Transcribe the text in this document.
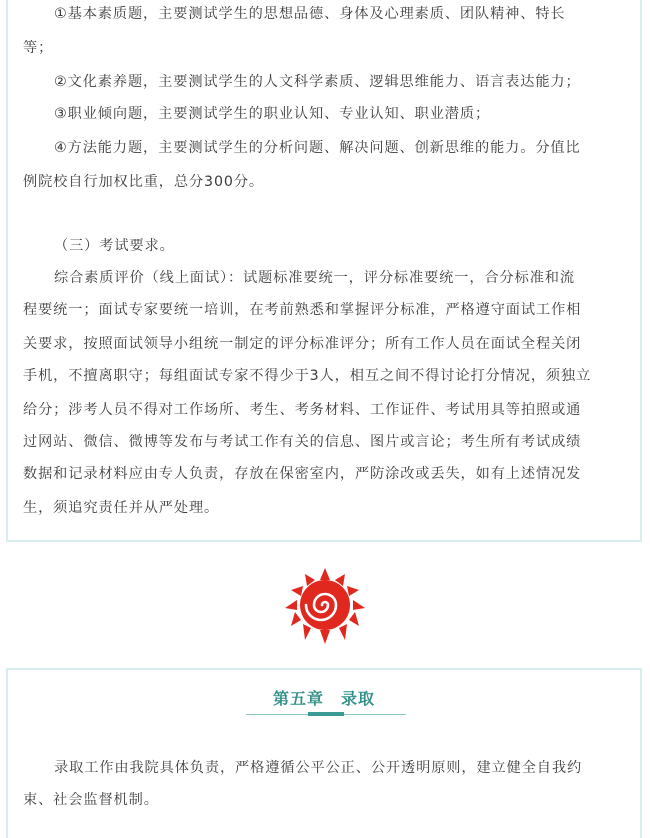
①基本素质题，主要测试学生的思想品德、身体及心理素质、团队精神、特长
等；
②文化素养题，主要测试学生的人文科学素质、逻辑思维能力、语言表达能力；
③职业倾向题，主要测试学生的职业认知、专业认知、职业潜质；
④方法能力题，主要测试学生的分析问题、解决问题、创新思维的能力。分值比
例院校自行加权比重，总分300分。
（三）考试要求。
综合素质评价（线上面试）：试题标准要统一，评分标准要统一，合分标准和流
程要统一；面试专家要统一培训，在考前熟悉和掌握评分标准，严格遵守面试工作相
关要求，按照面试领导小组统一制定的评分标准评分；所有工作人员在面试全程关闭
手机，不擅离职守；每组面试专家不得少于3人，相互之间不得讨论打分情况，须独立
给分；涉考人员不得对工作场所、考生、考务材料、工作证件、考试用具等拍照或通
过网站、微信、微博等发布与考试工作有关的信息、图片或言论；考生所有考试成绩
数据和记录材料应由专人负责，存放在保密室内，严防涂改或丢失，如有上述情况发
生，须追究责任并从严处理。
第五章　录取
录取工作由我院具体负责，严格遵循公平公正、公开透明原则，建立健全自我约
束、社会监督机制。
